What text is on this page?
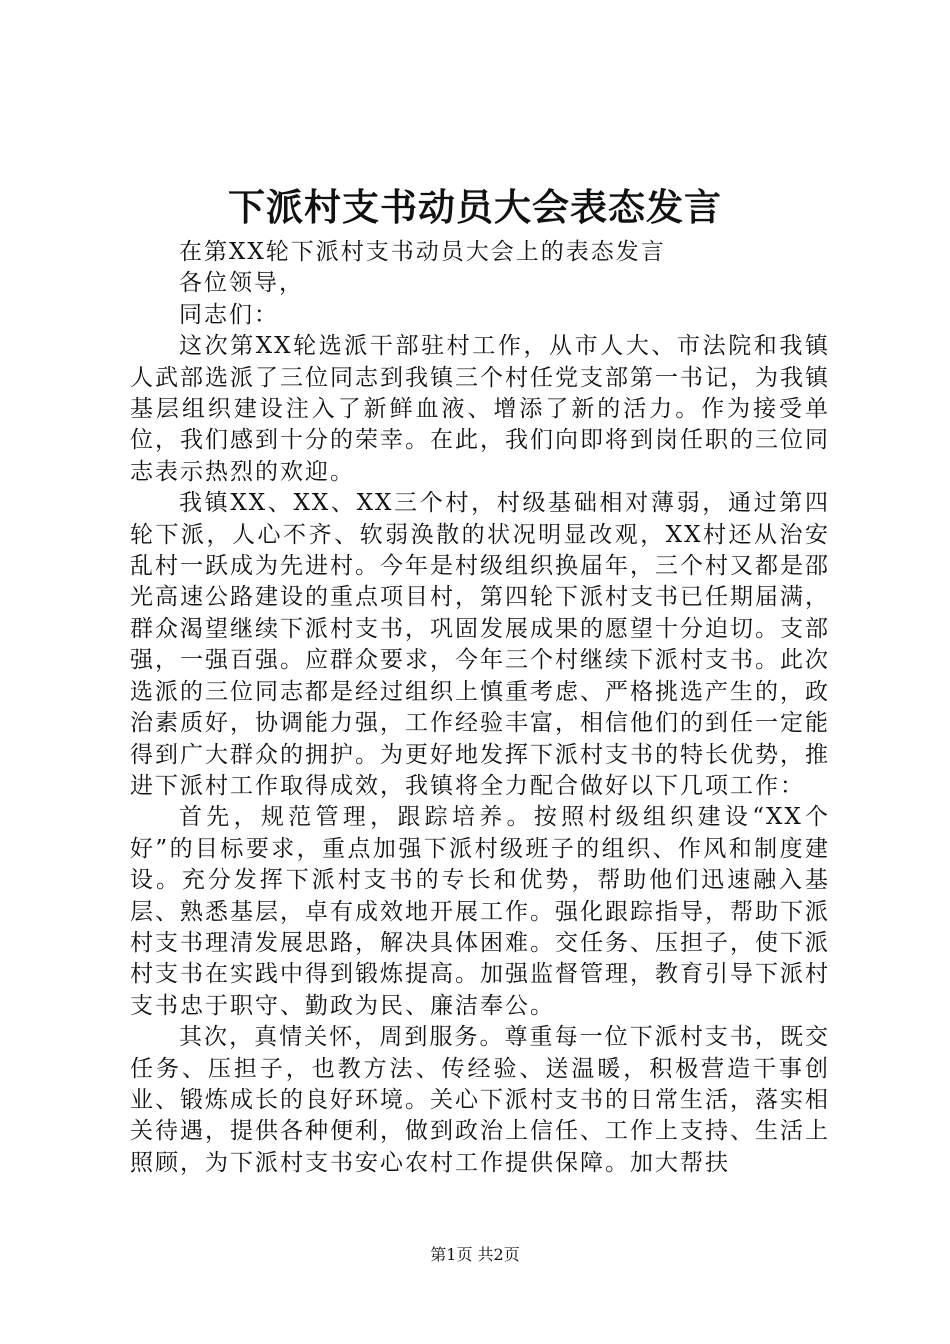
下派村支书动员大会表态发言

在第XX轮下派村支书动员大会上的表态发言

各位领导，

同志们：

这次第XX轮选派干部驻村工作，从市人大、市法院和我镇人武部选派了三位同志到我镇三个村任党支部第一书记，为我镇基层组织建设注入了新鲜血液、增添了新的活力。作为接受单位，我们感到十分的荣幸。在此，我们向即将到岗任职的三位同志表示热烈的欢迎。

我镇XX、XX、XX三个村，村级基础相对薄弱，通过第四轮下派，人心不齐、软弱涣散的状况明显改观，XX村还从治安乱村一跃成为先进村。今年是村级组织换届年，三个村又都是邵光高速公路建设的重点项目村，第四轮下派村支书已任期届满，群众渴望继续下派村支书，巩固发展成果的愿望十分迫切。支部强，一强百强。应群众要求，今年三个村继续下派村支书。此次选派的三位同志都是经过组织上慎重考虑、严格挑选产生的，政治素质好，协调能力强，工作经验丰富，相信他们的到任一定能得到广大群众的拥护。为更好地发挥下派村支书的特长优势，推进下派村工作取得成效，我镇将全力配合做好以下几项工作：

首先，规范管理，跟踪培养。按照村级组织建设“XX个好”的目标要求，重点加强下派村级班子的组织、作风和制度建设。充分发挥下派村支书的专长和优势，帮助他们迅速融入基层、熟悉基层，卓有成效地开展工作。强化跟踪指导，帮助下派村支书理清发展思路，解决具体困难。交任务、压担子，使下派村支书在实践中得到锻炼提高。加强监督管理，教育引导下派村支书忠于职守、勤政为民、廉洁奉公。

其次，真情关怀，周到服务。尊重每一位下派村支书，既交任务、压担子，也教方法、传经验、送温暖，积极营造干事创业、锻炼成长的良好环境。关心下派村支书的日常生活，落实相关待遇，提供各种便利，做到政治上信任、工作上支持、生活上照顾，为下派村支书安心农村工作提供保障。加大帮扶

第1页 共2页
